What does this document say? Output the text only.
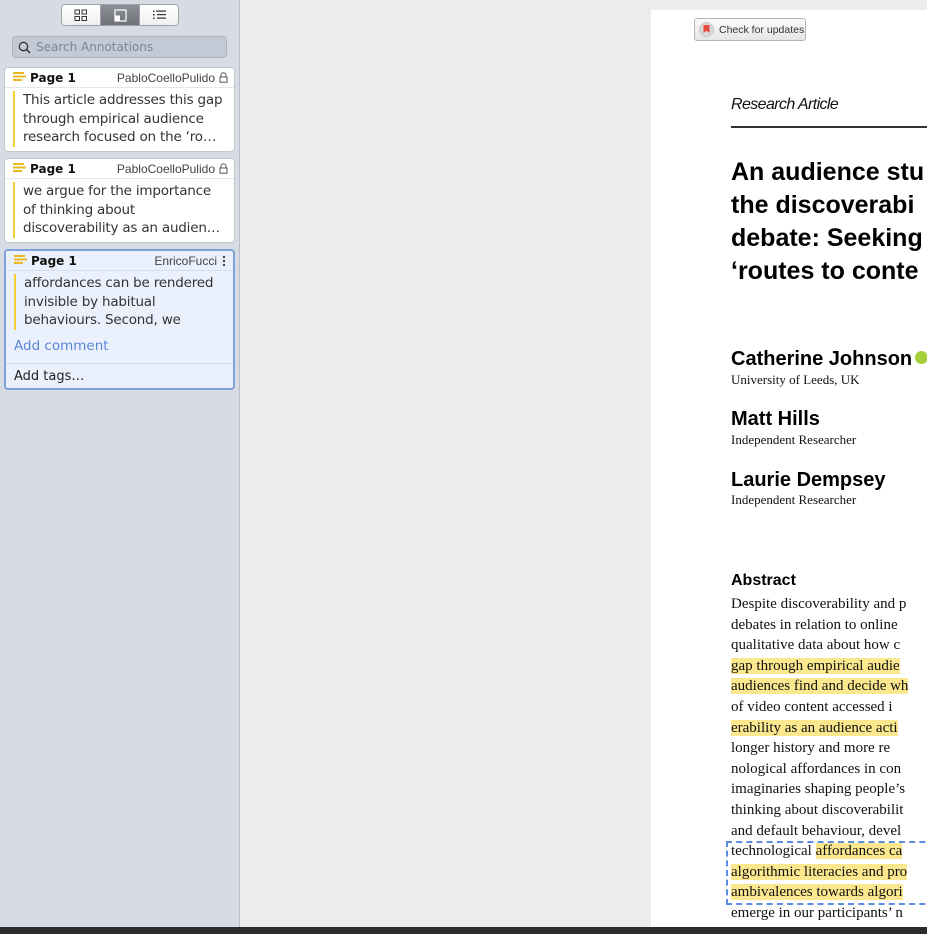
Search Annotations
Page 1	PabloCoelloPulido
This article addresses this gap through empirical audience research focused on the ‘ro…
Page 1	PabloCoelloPulido
we argue for the importance of thinking about discoverability as an audien…
Page 1	EnricoFucci
affordances can be rendered invisible by habitual behaviours. Second, we
Add comment
Add tags…
Check for updates
Research Article
An audience stu
the discoverabi
debate: Seeking
‘routes to conte
Catherine Johnson
University of Leeds, UK
Matt Hills
Independent Researcher
Laurie Dempsey
Independent Researcher
Abstract
Despite discoverability and p
debates in relation to online
qualitative data about how c
gap through empirical audie
audiences find and decide wh
of video content accessed i
erability as an audience acti
longer history and more re
nological affordances in con
imaginaries shaping people’s
thinking about discoverabilit
and default behaviour, devel
technological affordances ca
algorithmic literacies and pro
ambivalences towards algori
emerge in our participants’ n
